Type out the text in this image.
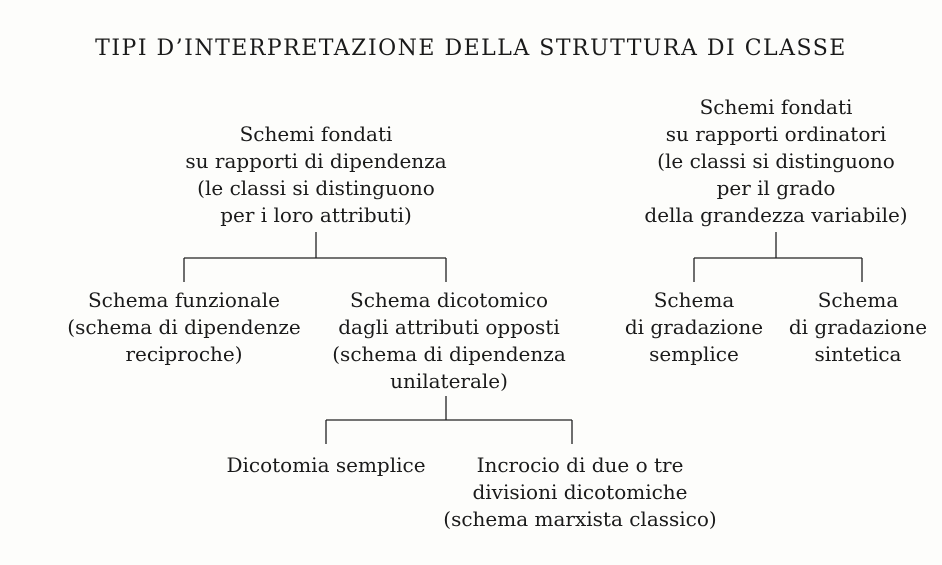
TIPI D’INTERPRETAZIONE DELLA STRUTTURA DI CLASSE
Schemi fondati
su rapporti di dipendenza
(le classi si distinguono
per i loro attributi)
Schemi fondati
su rapporti ordinatori
(le classi si distinguono
per il grado
della grandezza variabile)
Schema funzionale
(schema di dipendenze
reciproche)
Schema dicotomico
dagli attributi opposti
(schema di dipendenza
unilaterale)
Schema
di gradazione
semplice
Schema
di gradazione
sintetica
Dicotomia semplice	Incrocio di due o tre
divisioni dicotomiche
(schema marxista classico)
